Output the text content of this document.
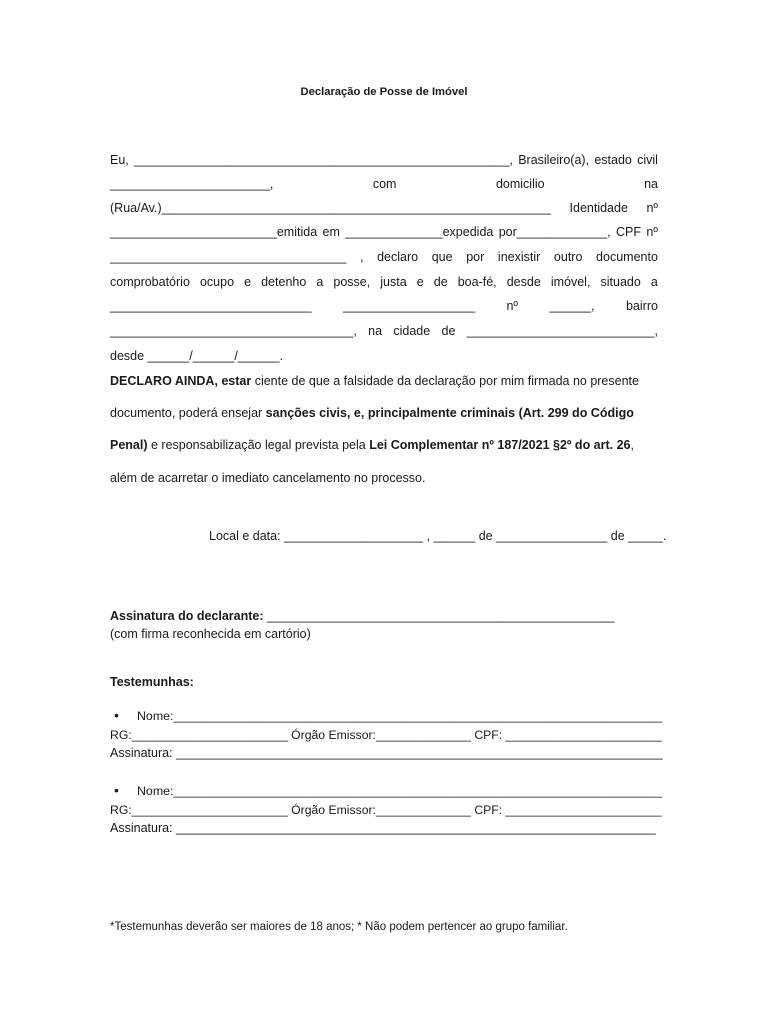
Declaração de Posse de Imóvel
Eu, ______________________________________________________, Brasileiro(a), estado civil
_______________________,	com	domicilio	na
(Rua/Av.)________________________________________________________ Identidade nº
________________________emitida em ______________expedida por_____________, CPF nº
__________________________________ , declaro que por inexistir outro documento
comprobatório ocupo e detenho a posse, justa e de boa-fé, desde imóvel, situado a
_____________________________	___________________	nº	______,	bairro
___________________________________, na cidade de ___________________________,
desde ______/______/______.
DECLARO AINDA, estar ciente de que a falsidade da declaração por mim firmada no presente
documento, poderá ensejar sanções civis, e, principalmente criminais (Art. 299 do Código
Penal) e responsabilização legal prevista pela Lei Complementar nº 187/2021 §2º do art. 26,
além de acarretar o imediato cancelamento no processo.
Local e data: ____________________ , ______ de ________________ de _____.
Assinatura do declarante: __________________________________________________
(com firma reconhecida em cartório)
Testemunhas:
• Nome:_______________________________________________________________________
RG:_______________________ Órgão Emissor:______________ CPF: _______________________
Assinatura: ______________________________________________________________________
• Nome:_______________________________________________________________________
RG:_______________________ Órgão Emissor:______________ CPF: _______________________
Assinatura: _____________________________________________________________________
*Testemunhas deverão ser maiores de 18 anos; * Não podem pertencer ao grupo familiar.
